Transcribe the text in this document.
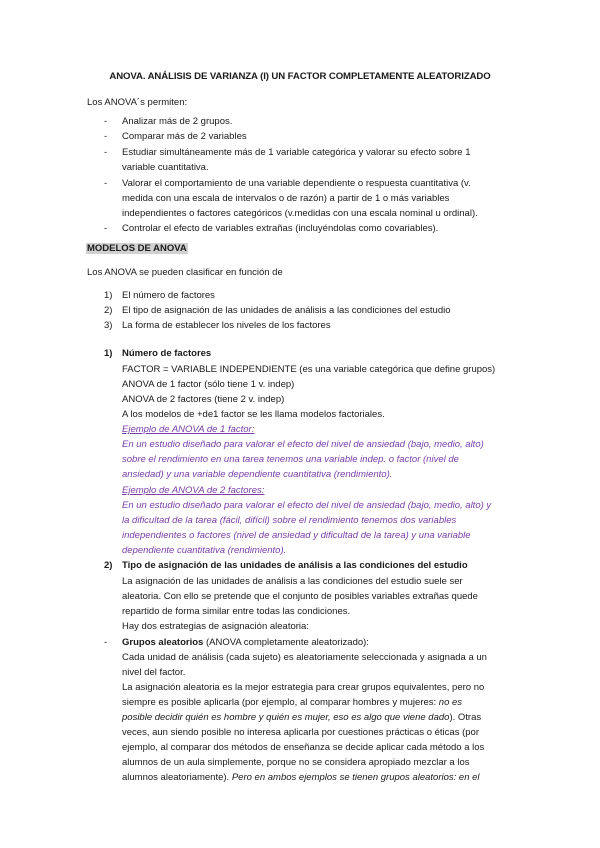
ANOVA. ANÁLISIS DE VARIANZA (I) UN FACTOR COMPLETAMENTE ALEATORIZADO
Los ANOVA´s permiten:
- Analizar más de 2 grupos.
- Comparar más de 2 variables
- Estudiar simultáneamente más de 1 variable categórica y valorar su efecto sobre 1
variable cuantitativa.
- Valorar el comportamiento de una variable dependiente o respuesta cuantitativa (v.
medida con una escala de intervalos o de razón) a partir de 1 o más variables
independientes o factores categóricos (v.medidas con una escala nominal u ordinal).
- Controlar el efecto de variables extrañas (incluyéndolas como covariables).
MODELOS DE ANOVA
Los ANOVA se pueden clasificar en función de
1) El número de factores
2) El tipo de asignación de las unidades de análisis a las condiciones del estudio
3) La forma de establecer los niveles de los factores
1) Número de factores
FACTOR = VARIABLE INDEPENDIENTE (es una variable categórica que define grupos)
ANOVA de 1 factor (sólo tiene 1 v. indep)
ANOVA de 2 factores (tiene 2 v. indep)
A los modelos de +de1 factor se les llama modelos factoriales.
Ejemplo de ANOVA de 1 factor:
En un estudio diseñado para valorar el efecto del nivel de ansiedad (bajo, medio, alto)
sobre el rendimiento en una tarea tenemos una variable indep. o factor (nivel de
ansiedad) y una variable dependiente cuantitativa (rendimiento).
Ejemplo de ANOVA de 2 factores:
En un estudio diseñado para valorar el efecto del nivel de ansiedad (bajo, medio, alto) y
la dificultad de la tarea (fácil, difícil) sobre el rendimiento tenemos dos variables
independientes o factores (nivel de ansiedad y dificultad de la tarea) y una variable
dependiente cuantitativa (rendimiento).
2) Tipo de asignación de las unidades de análisis a las condiciones del estudio
La asignación de las unidades de análisis a las condiciones del estudio suele ser
aleatoria. Con ello se pretende que el conjunto de posibles variables extrañas quede
repartido de forma similar entre todas las condiciones.
Hay dos estrategias de asignación aleatoria:
- Grupos aleatorios (ANOVA completamente aleatorizado):
Cada unidad de análisis (cada sujeto) es aleatoriamente seleccionada y asignada a un
nivel del factor.
La asignación aleatoria es la mejor estrategia para crear grupos equivalentes, pero no
siempre es posible aplicarla (por ejemplo, al comparar hombres y mujeres: no es
posible decidir quién es hombre y quién es mujer, eso es algo que viene dado). Otras
veces, aun siendo posible no interesa aplicarla por cuestiones prácticas o éticas (por
ejemplo, al comparar dos métodos de enseñanza se decide aplicar cada método a los
alumnos de un aula simplemente, porque no se considera apropiado mezclar a los
alumnos aleatoriamente). Pero en ambos ejemplos se tienen grupos aleatorios: en el
